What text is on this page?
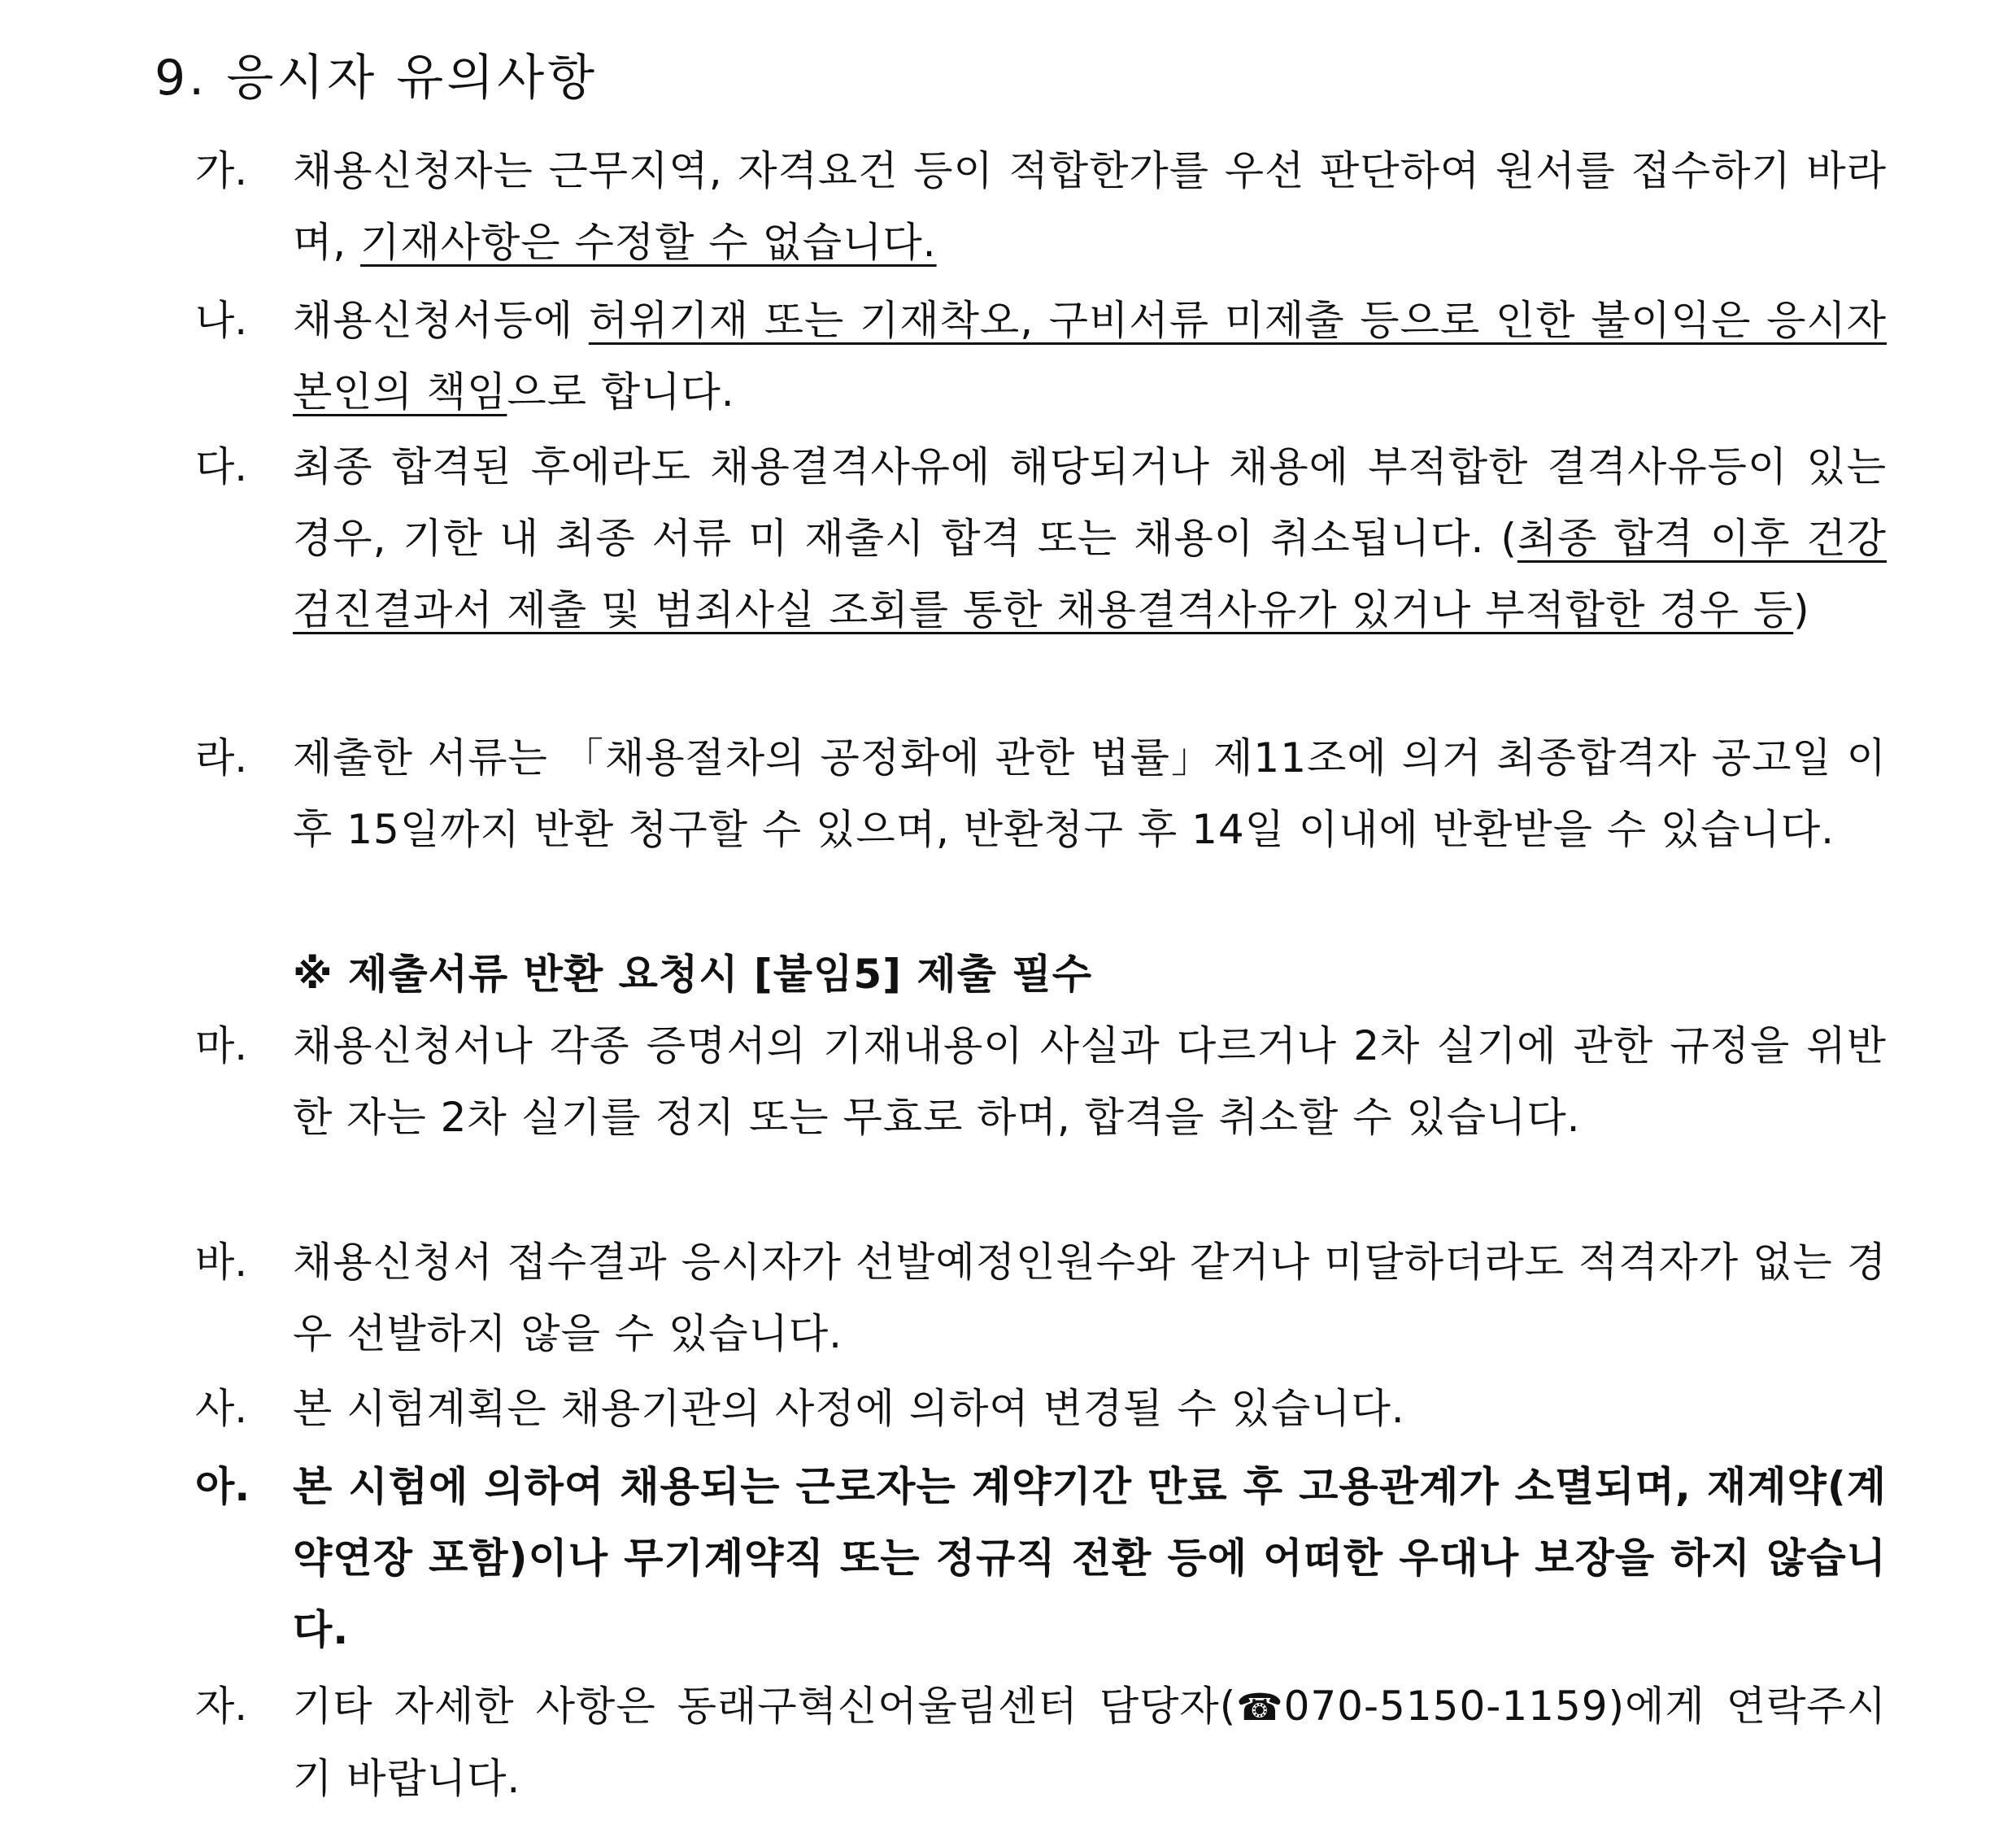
9. 응시자 유의사항
가. 채용신청자는 근무지역, 자격요건 등이 적합한가를 우선 판단하여 원서를 접수하기 바라며, 기재사항은 수정할 수 없습니다.
나. 채용신청서등에 허위기재 또는 기재착오, 구비서류 미제출 등으로 인한 불이익은 응시자 본인의 책임으로 합니다.
다. 최종 합격된 후에라도 채용결격사유에 해당되거나 채용에 부적합한 결격사유등이 있는 경우, 기한 내 최종 서류 미 재출시 합격 또는 채용이 취소됩니다. (최종 합격 이후 건강검진결과서 제출 및 범죄사실 조회를 통한 채용결격사유가 있거나 부적합한 경우 등)
라. 제출한 서류는 「채용절차의 공정화에 관한 법률」제11조에 의거 최종합격자 공고일 이후 15일까지 반환 청구할 수 있으며, 반환청구 후 14일 이내에 반환받을 수 있습니다.
※ 제출서류 반환 요청시 [붙임5] 제출 필수
마. 채용신청서나 각종 증명서의 기재내용이 사실과 다르거나 2차 실기에 관한 규정을 위반한 자는 2차 실기를 정지 또는 무효로 하며, 합격을 취소할 수 있습니다.
바. 채용신청서 접수결과 응시자가 선발예정인원수와 같거나 미달하더라도 적격자가 없는 경우 선발하지 않을 수 있습니다.
사. 본 시험계획은 채용기관의 사정에 의하여 변경될 수 있습니다.
아. 본 시험에 의하여 채용되는 근로자는 계약기간 만료 후 고용관계가 소멸되며, 재계약(계약연장 포함)이나 무기계약직 또는 정규직 전환 등에 어떠한 우대나 보장을 하지 않습니다.
자. 기타 자세한 사항은 동래구혁신어울림센터 담당자(☎070-5150-1159)에게 연락주시기 바랍니다.
